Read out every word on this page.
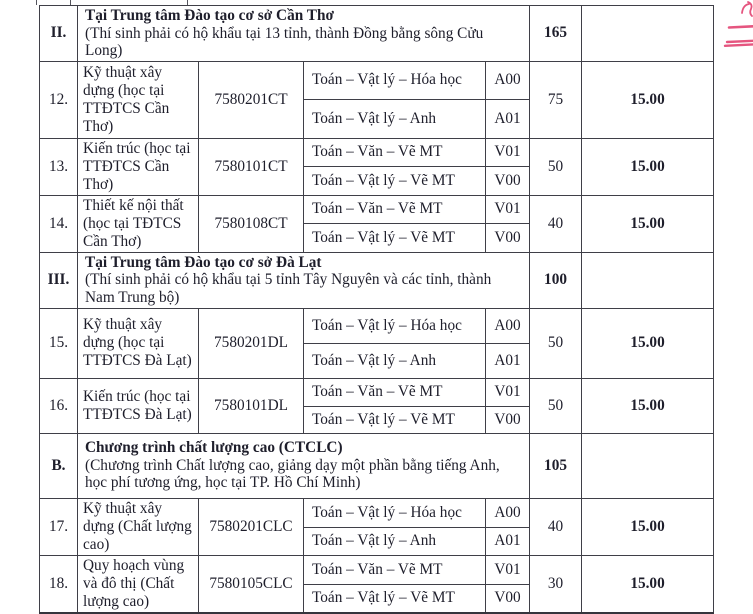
II.	Tại Trung tâm Đào tạo cơ sở Cần Thơ
(Thí sinh phải có hộ khẩu tại 13 tỉnh, thành Đồng bằng sông Cửu Long)				165	
12.	Kỹ thuật xây dựng (học tại TTĐTCS Cần Thơ)	7580201CT	Toán – Vật lý – Hóa học	A00	75	15.00
			Toán – Vật lý – Anh	A01		
13.	Kiến trúc (học tại TTĐTCS Cần Thơ)	7580101CT	Toán – Văn – Vẽ MT	V01	50	15.00
			Toán – Vật lý – Vẽ MT	V00		
14.	Thiết kế nội thất (học tại TĐTCS Cần Thơ)	7580108CT	Toán – Văn – Vẽ MT	V01	40	15.00
			Toán – Vật lý – Vẽ MT	V00		
III.	Tại Trung tâm Đào tạo cơ sở Đà Lạt
(Thí sinh phải có hộ khẩu tại 5 tỉnh Tây Nguyên và các tỉnh, thành Nam Trung bộ)				100	
15.	Kỹ thuật xây dựng (học tại TTĐTCS Đà Lạt)	7580201DL	Toán – Vật lý – Hóa học	A00	50	15.00
			Toán – Vật lý – Anh	A01		
16.	Kiến trúc (học tại TTĐTCS Đà Lạt)	7580101DL	Toán – Văn – Vẽ MT	V01	50	15.00
			Toán – Vật lý – Vẽ MT	V00		
B.	Chương trình chất lượng cao (CTCLC)
(Chương trình Chất lượng cao, giảng dạy một phần bằng tiếng Anh, học phí tương ứng, học tại TP. Hồ Chí Minh)				105	
17.	Kỹ thuật xây dựng (Chất lượng cao)	7580201CLC	Toán – Vật lý – Hóa học	A00	40	15.00
			Toán – Vật lý – Anh	A01		
18.	Quy hoạch vùng và đô thị (Chất lượng cao)	7580105CLC	Toán – Văn – Vẽ MT	V01	30	15.00
			Toán – Vật lý – Vẽ MT	V00		
